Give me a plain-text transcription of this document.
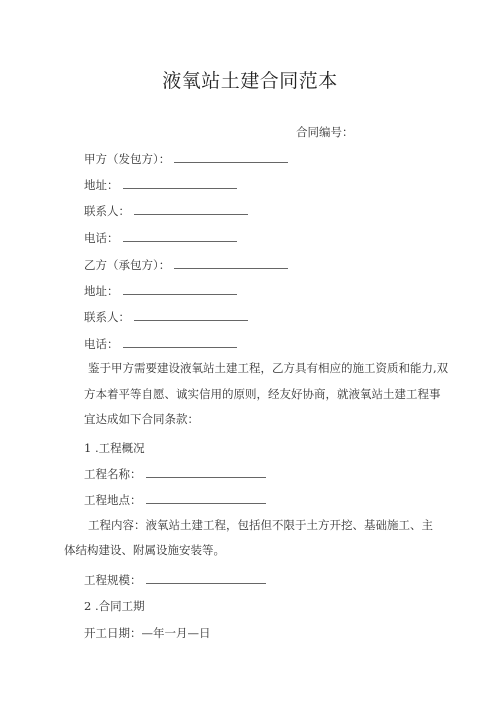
液氧站土建合同范本
合同编号：
甲方（发包方）：
地址：
联系人：
电话：
乙方（承包方）：
地址：
联系人：
电话：
鉴于甲方需要建设液氧站土建工程，乙方具有相应的施工资质和能力,双方本着平等自愿、诚实信用的原则，经友好协商，就液氧站土建工程事宜达成如下合同条款：
1 .工程概况
工程名称：
工程地点：
工程内容：液氧站土建工程，包括但不限于土方开挖、基础施工、主体结构建设、附属设施安装等。
工程规模：
2 .合同工期
开工日期：—年一月—日
